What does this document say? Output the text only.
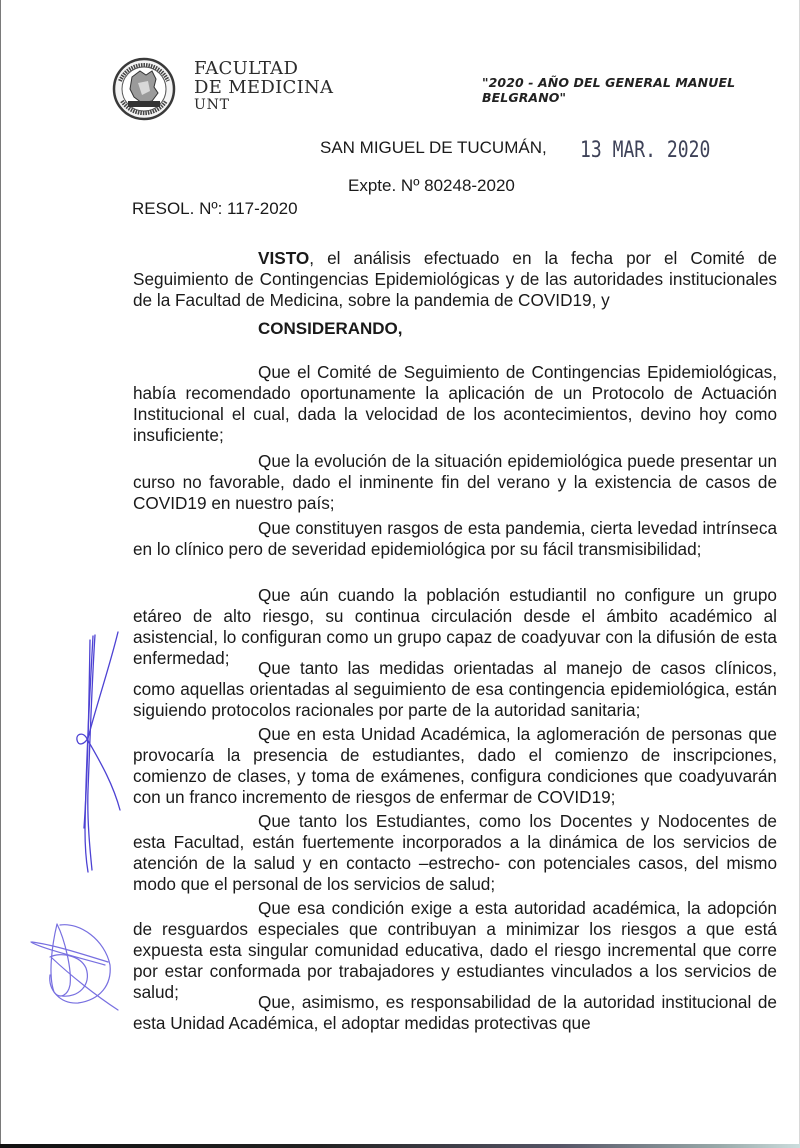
FACULTAD
DE MEDICINA
UNT
"2020 - AÑO DEL GENERAL MANUEL BELGRANO"
SAN MIGUEL DE TUCUMÁN, 13 MAR. 2020
Expte. Nº 80248-2020
RESOL. Nº: 117-2020

VISTO, el análisis efectuado en la fecha por el Comité de Seguimiento de Contingencias Epidemiológicas y de las autoridades institucionales de la Facultad de Medicina, sobre la pandemia de COVID19, y

CONSIDERANDO,

Que el Comité de Seguimiento de Contingencias Epidemiológicas, había recomendado oportunamente la aplicación de un Protocolo de Actuación Institucional el cual, dada la velocidad de los acontecimientos, devino hoy como insuficiente;

Que la evolución de la situación epidemiológica puede presentar un curso no favorable, dado el inminente fin del verano y la existencia de casos de COVID19 en nuestro país;

Que constituyen rasgos de esta pandemia, cierta levedad intrínseca en lo clínico pero de severidad epidemiológica por su fácil transmisibilidad;

Que aún cuando la población estudiantil no configure un grupo etáreo de alto riesgo, su continua circulación desde el ámbito académico al asistencial, lo configuran como un grupo capaz de coadyuvar con la difusión de esta enfermedad;	Que tanto las medidas orientadas al manejo de casos clínicos, como aquellas orientadas al seguimiento de esa contingencia epidemiológica, están siguiendo protocolos racionales por parte de la autoridad sanitaria;

Que en esta Unidad Académica, la aglomeración de personas que provocaría la presencia de estudiantes, dado el comienzo de inscripciones, comienzo de clases, y toma de exámenes, configura condiciones que coadyuvarán con un franco incremento de riesgos de enfermar de COVID19;

Que tanto los Estudiantes, como los Docentes y Nodocentes de esta Facultad, están fuertemente incorporados a la dinámica de los servicios de atención de la salud y en contacto –estrecho- con potenciales casos, del mismo modo que el personal de los servicios de salud;

Que esa condición exige a esta autoridad académica, la adopción de resguardos especiales que contribuyan a minimizar los riesgos a que está expuesta esta singular comunidad educativa, dado el riesgo incremental que corre por estar conformada por trabajadores y estudiantes vinculados a los servicios de salud;	Que, asimismo, es responsabilidad de la autoridad institucional de esta Unidad Académica, el adoptar medidas protectivas que
